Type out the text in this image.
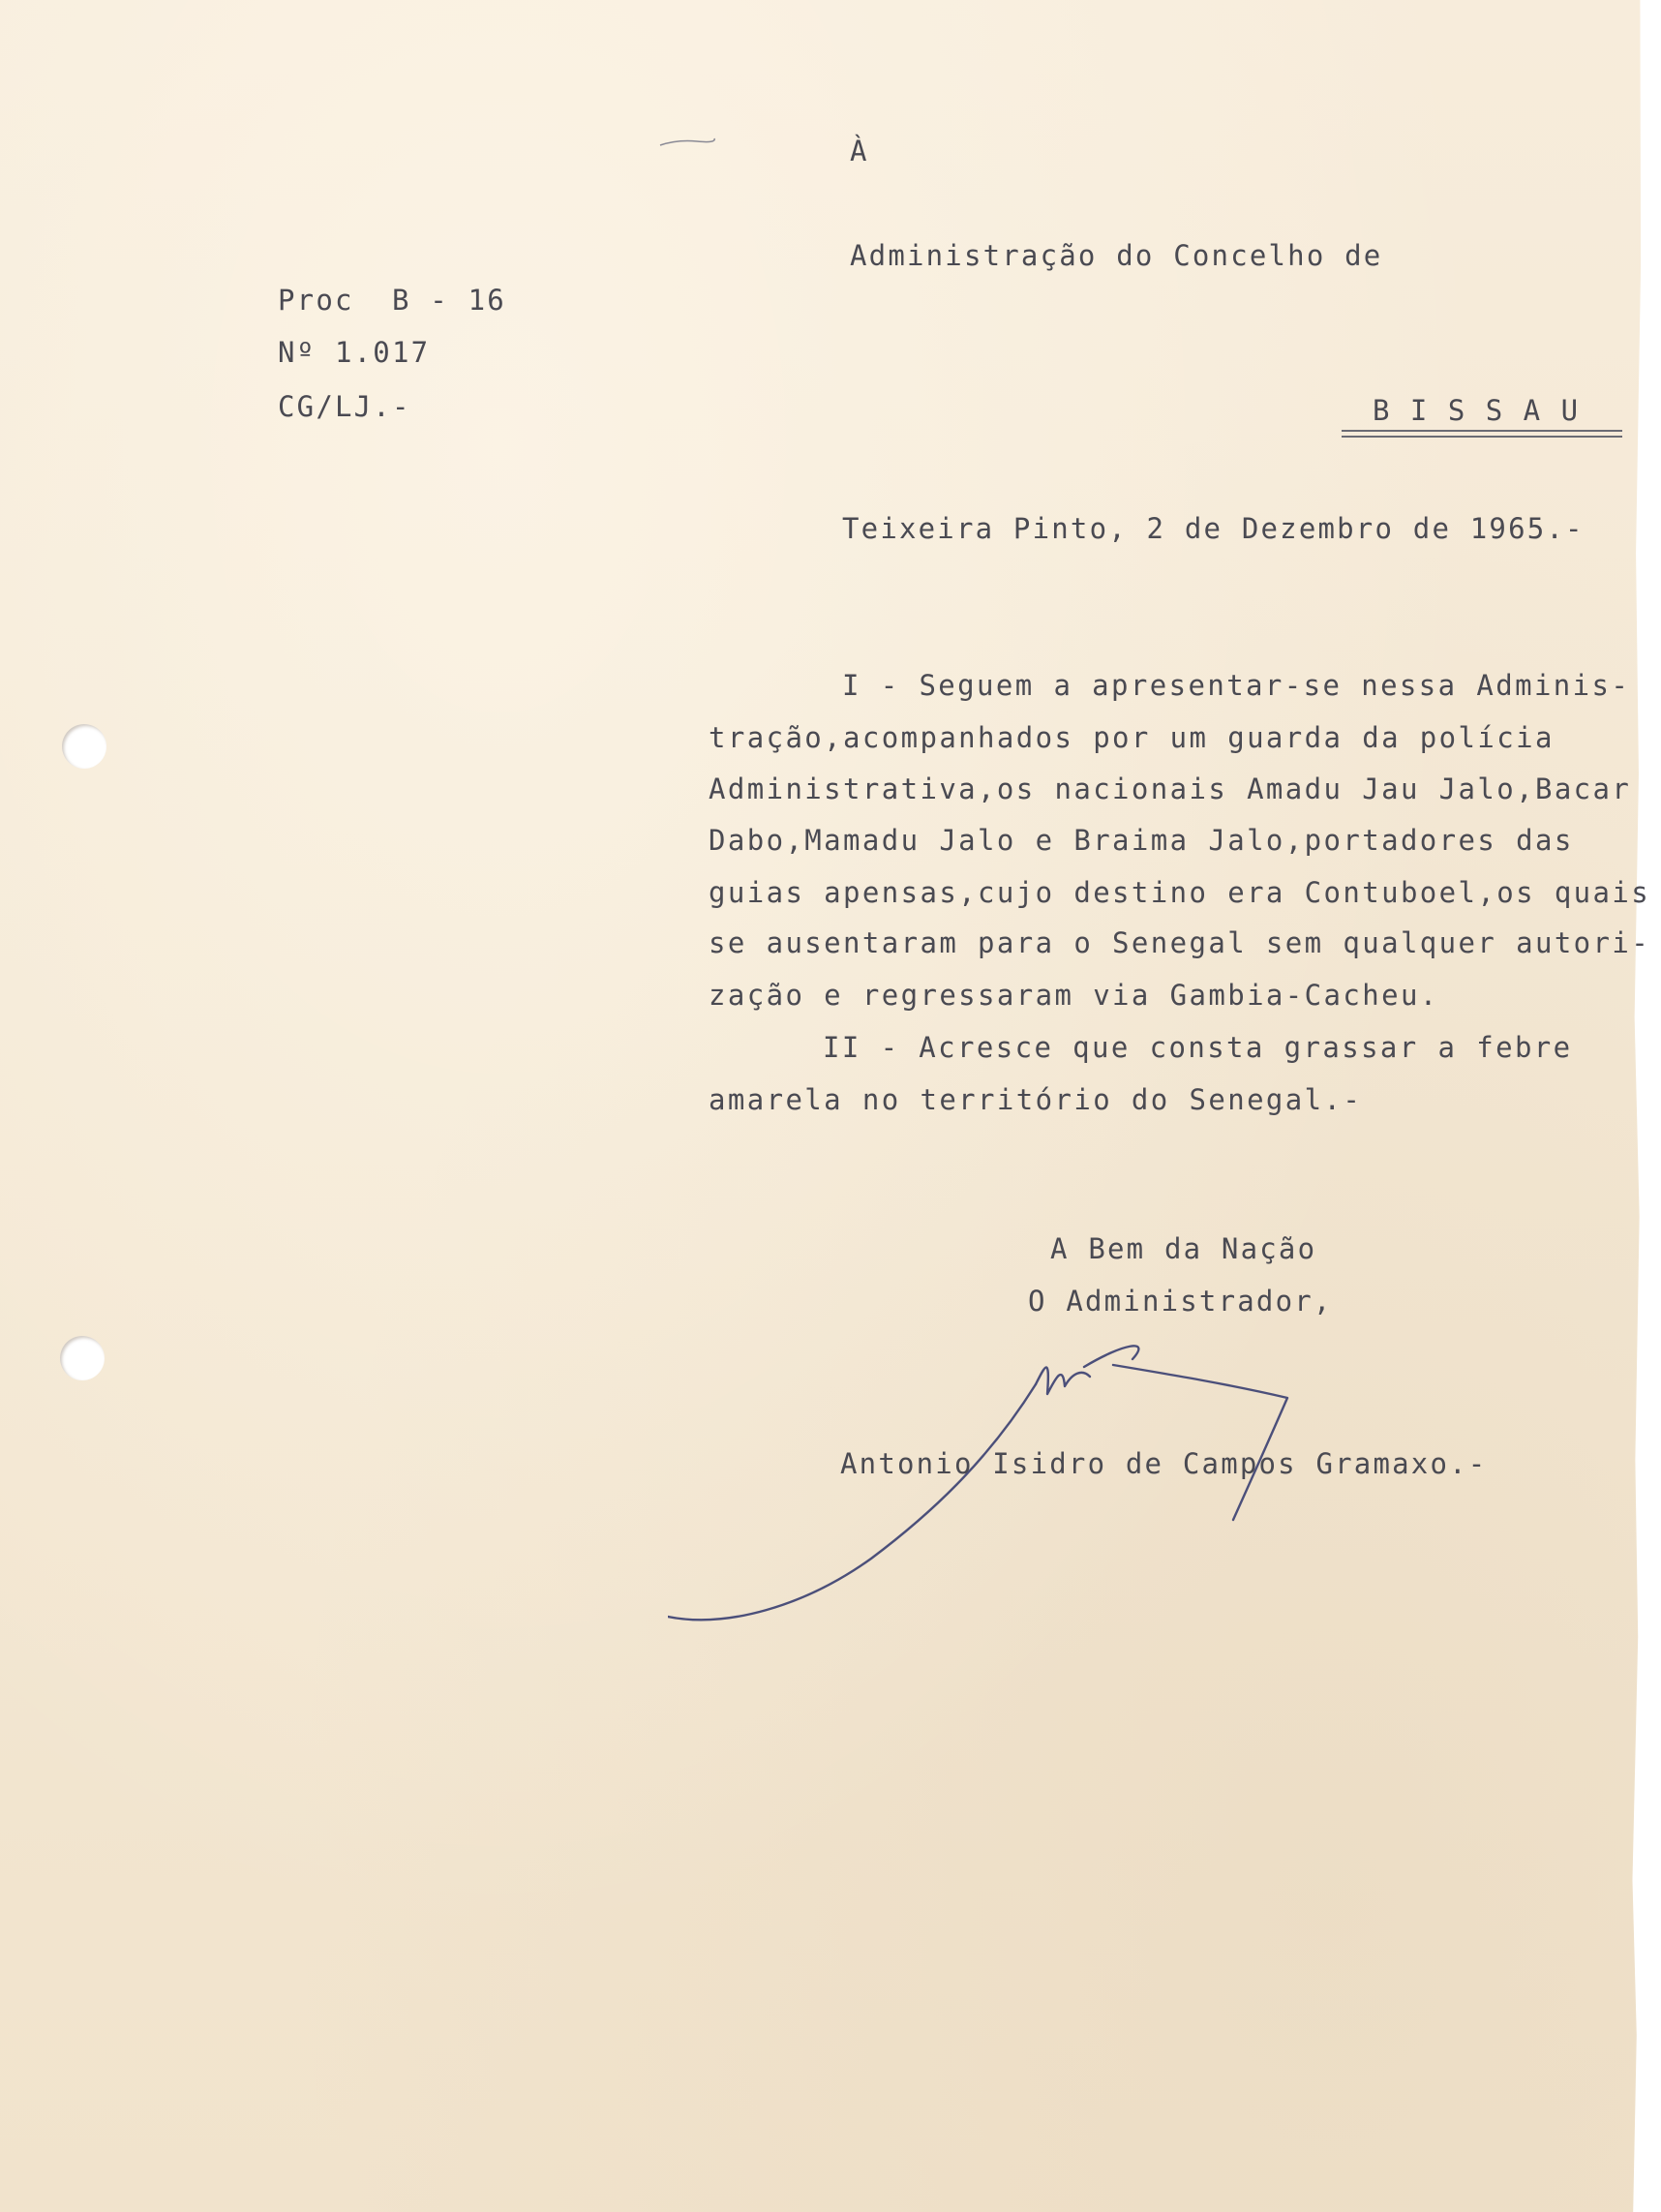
À
Administração do Concelho de
Proc  B - 16
Nº 1.017
CG/LJ.-	B I S S A U
Teixeira Pinto, 2 de Dezembro de 1965.-
I - Seguem a apresentar-se nessa Adminis-
tração,acompanhados por um guarda da polícia
Administrativa,os nacionais Amadu Jau Jalo,Bacar
Dabo,Mamadu Jalo e Braima Jalo,portadores das
guias apensas,cujo destino era Contuboel,os quais
se ausentaram para o Senegal sem qualquer autori-
zação e regressaram via Gambia-Cacheu.
II - Acresce que consta grassar a febre
amarela no território do Senegal.-
A Bem da Nação
O Administrador,
Antonio Isidro de Campos Gramaxo.-
